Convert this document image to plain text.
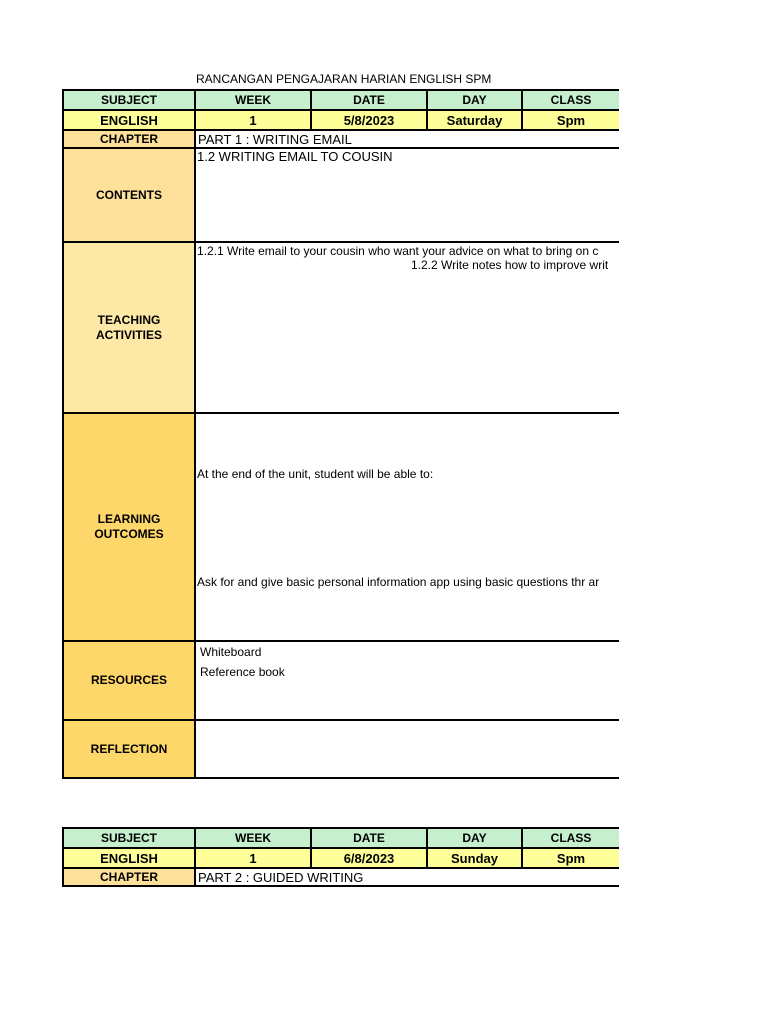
RANCANGAN PENGAJARAN HARIAN ENGLISH SPM
SUBJECT	WEEK	DATE	DAY	CLASS
ENGLISH	1	5/8/2023	Saturday	Spm
CHAPTER	PART 1 : WRITING EMAIL			
CONTENTS	1.2 WRITING EMAIL TO COUSIN			

TEACHING
ACTIVITIES	1.2.1 Write email to your cousin who want your advice on what to bring on c
1.2.2 Write notes how to improve writ			

LEARNING
OUTCOMES	At the end of the unit, student will be able to:
Ask for and give basic personal information app using basic questions thr ar			

RESOURCES	Whiteboard
Reference book			

REFLECTION				
SUBJECT	WEEK	DATE	DAY	CLASS
ENGLISH	1	6/8/2023	Sunday	Spm
CHAPTER	PART 2 : GUIDED WRITING			
